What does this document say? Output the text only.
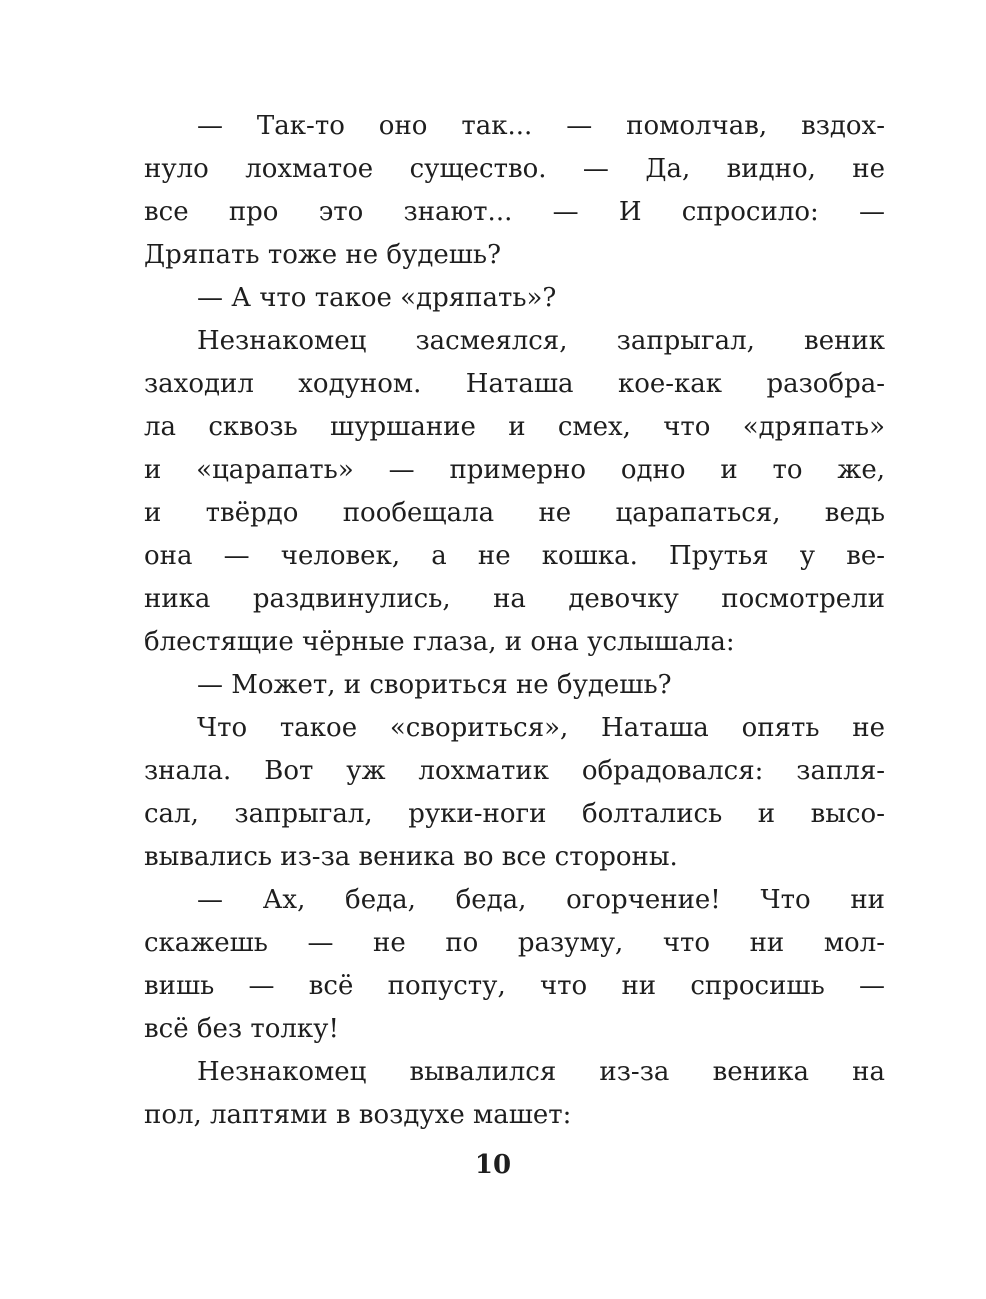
— Так-то оно так... — помолчав, вздох-
нуло лохматое существо. — Да, видно, не
все про это знают... — И спросило: —
Дряпать тоже не будешь?
— А что такое «дряпать»?
Незнакомец засмеялся, запрыгал, веник
заходил ходуном. Наташа кое-как разобра-
ла сквозь шуршание и смех, что «дряпать»
и «царапать» — примерно одно и то же,
и твёрдо пообещала не царапаться, ведь
она — человек, а не кошка. Прутья у ве-
ника раздвинулись, на девочку посмотрели
блестящие чёрные глаза, и она услышала:
— Может, и свориться не будешь?
Что такое «свориться», Наташа опять не
знала. Вот уж лохматик обрадовался: запля-
сал, запрыгал, руки-ноги болтались и высо-
вывались из-за веника во все стороны.
— Ах, беда, беда, огорчение! Что ни
скажешь — не по разуму, что ни мол-
вишь — всё попусту, что ни спросишь —
всё без толку!
Незнакомец вывалился из-за веника на
пол, лаптями в воздухе машет:
10
